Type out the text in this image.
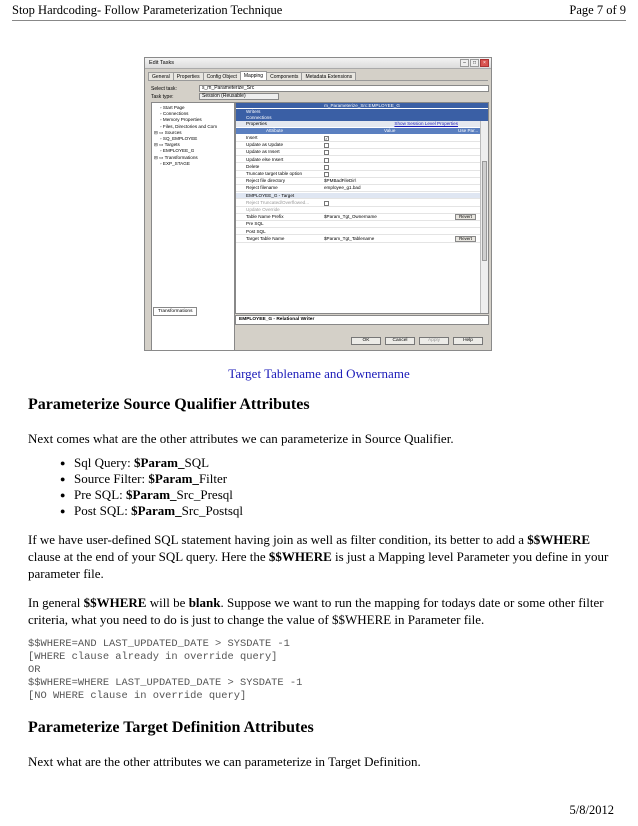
Stop Hardcoding- Follow Parameterization Technique	Page 7 of 9
Edit Tasks	–	□	×
General	Properties	Config Object	Mapping	Components	Metadata Extensions
Select task:	s_m_Parameterize_Src
Task type:	Session (Reusable)
◦ Start Page
◦ Connections
◦ Memory Properties
◦ Files, Directories and Com
⊟ ▭ Sources
◦ SQ_EMPLOYEE
⊟ ▭ Targets
◦ EMPLOYEE_G
⊟ ▭ Transformations
◦ EXP_STAGE
m_Parameterize_Src:EMPLOYEE_G
Writers
Connections
Properties	Show Session Level Properties
Attribute	Value	Use Par...
Insert	✓
Update as Update
Update as Insert
Update else Insert
Delete
Truncate target table option
Reject file directory	$PMBadFileDir\
Reject filename	employee_g1.bad
EMPLOYEE_G - Target
Reject Truncated/Overflowed...
Update Override
Table Name Prefix	$Param_Tgt_Ownername	Revert
Pre SQL
Post SQL
Target Table Name	$Param_Tgt_Tablename	Revert
EMPLOYEE_G - Relational Writer
Transformations
OK	Cancel	Apply	Help
Target Tablename and Ownername
Parameterize Source Qualifier Attributes

Next comes what are the other attributes we can parameterize in Source Qualifier.

● Sql Query: $Param_SQL
● Source Filter: $Param_Filter
● Pre SQL: $Param_Src_Presql
● Post SQL: $Param_Src_Postsql

If we have user-defined SQL statement having join as well as filter condition, its better to add a $$WHERE clause at the end of your SQL query. Here the $$WHERE is just a Mapping level Parameter you define in your parameter file.

In general $$WHERE will be blank. Suppose we want to run the mapping for todays date or some other filter criteria, what you need to do is just to change the value of $$WHERE in Parameter file.

$$WHERE=AND LAST_UPDATED_DATE > SYSDATE -1
[WHERE clause already in override query]
OR
$$WHERE=WHERE LAST_UPDATED_DATE > SYSDATE -1
[NO WHERE clause in override query]
Parameterize Target Definition Attributes

Next what are the other attributes we can parameterize in Target Definition.

5/8/2012
